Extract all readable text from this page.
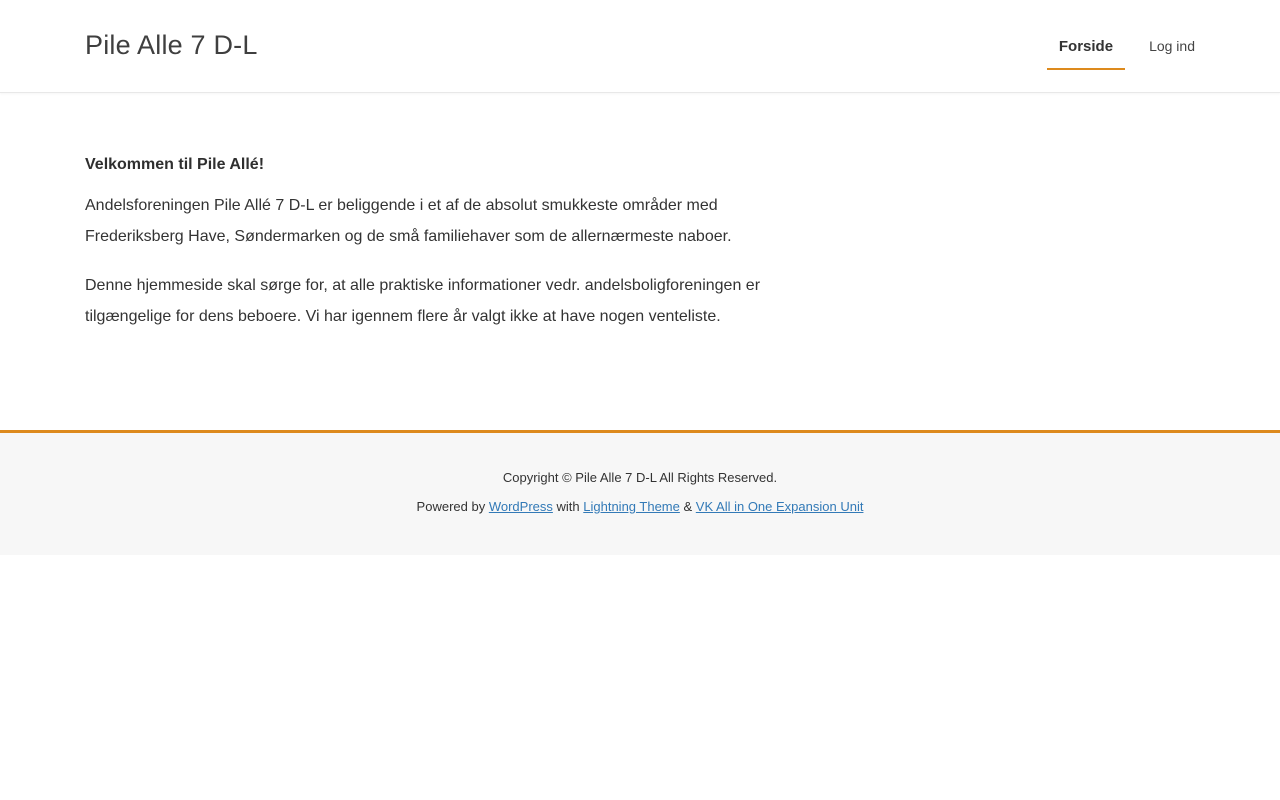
Pile Alle 7 D-L	Forside	Log ind

Velkommen til Pile Allé!

Andelsforeningen Pile Allé 7 D-L er beliggende i et af de absolut smukkeste områder med Frederiksberg Have, Søndermarken og de små familiehaver som de allernærmeste naboer.

Denne hjemmeside skal sørge for, at alle praktiske informationer vedr. andelsboligforeningen er tilgængelige for dens beboere. Vi har igennem flere år valgt ikke at have nogen venteliste.

Copyright © Pile Alle 7 D-L All Rights Reserved.

Powered by WordPress with Lightning Theme & VK All in One Expansion Unit
